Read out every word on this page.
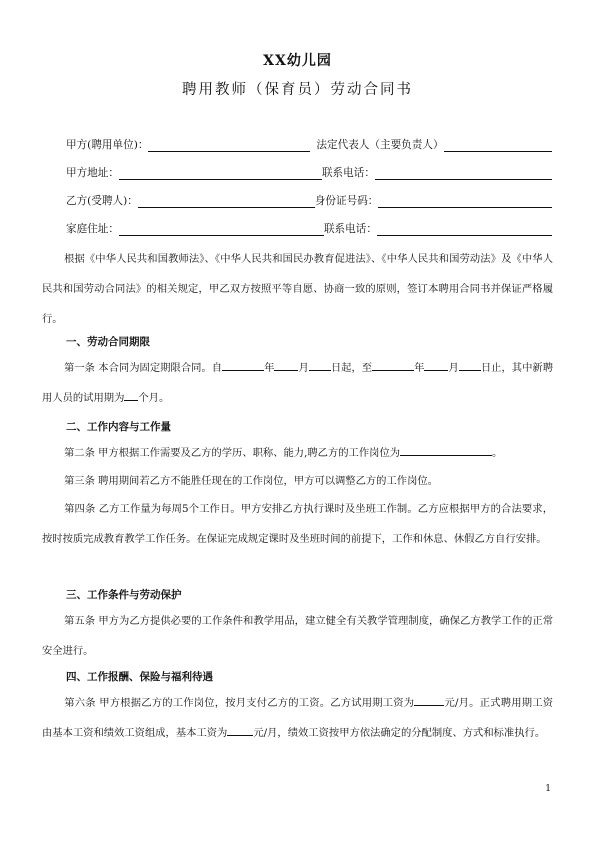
XX幼儿园
聘用教师（保育员）劳动合同书
甲方(聘用单位)：	法定代表人（主要负责人）
甲方地址：	联系电话：
乙方(受聘人)：	身份证号码：
家庭住址：	联系电话：
根据《中华人民共和国教师法》、《中华人民共和国民办教育促进法》、《中华人民共和国劳动法》及《中华人民共和国劳动合同法》的相关规定，甲乙双方按照平等自愿、协商一致的原则，签订本聘用合同书并保证严格履行。
一、劳动合同期限
第一条 本合同为固定期限合同。自	年 月 日起，至	年 月 日止，其中新聘用人员的试用期为 个月。
二、工作内容与工作量
第二条 甲方根据工作需要及乙方的学历、职称、能力,聘乙方的工作岗位为	。
第三条 聘用期间若乙方不能胜任现在的工作岗位，甲方可以调整乙方的工作岗位。
第四条 乙方工作量为每周5个工作日。甲方安排乙方执行课时及坐班工作制。乙方应根据甲方的合法要求，按时按质完成教育教学工作任务。在保证完成规定课时及坐班时间的前提下，工作和休息、休假乙方自行安排。
三、工作条件与劳动保护
第五条 甲方为乙方提供必要的工作条件和教学用品，建立健全有关教学管理制度，确保乙方教学工作的正常安全进行。
四、工作报酬、保险与福利待遇
第六条 甲方根据乙方的工作岗位，按月支付乙方的工资。乙方试用期工资为	元/月。正式聘用期工资由基本工资和绩效工资组成，基本工资为	元/月，绩效工资按甲方依法确定的分配制度、方式和标准执行。
1
